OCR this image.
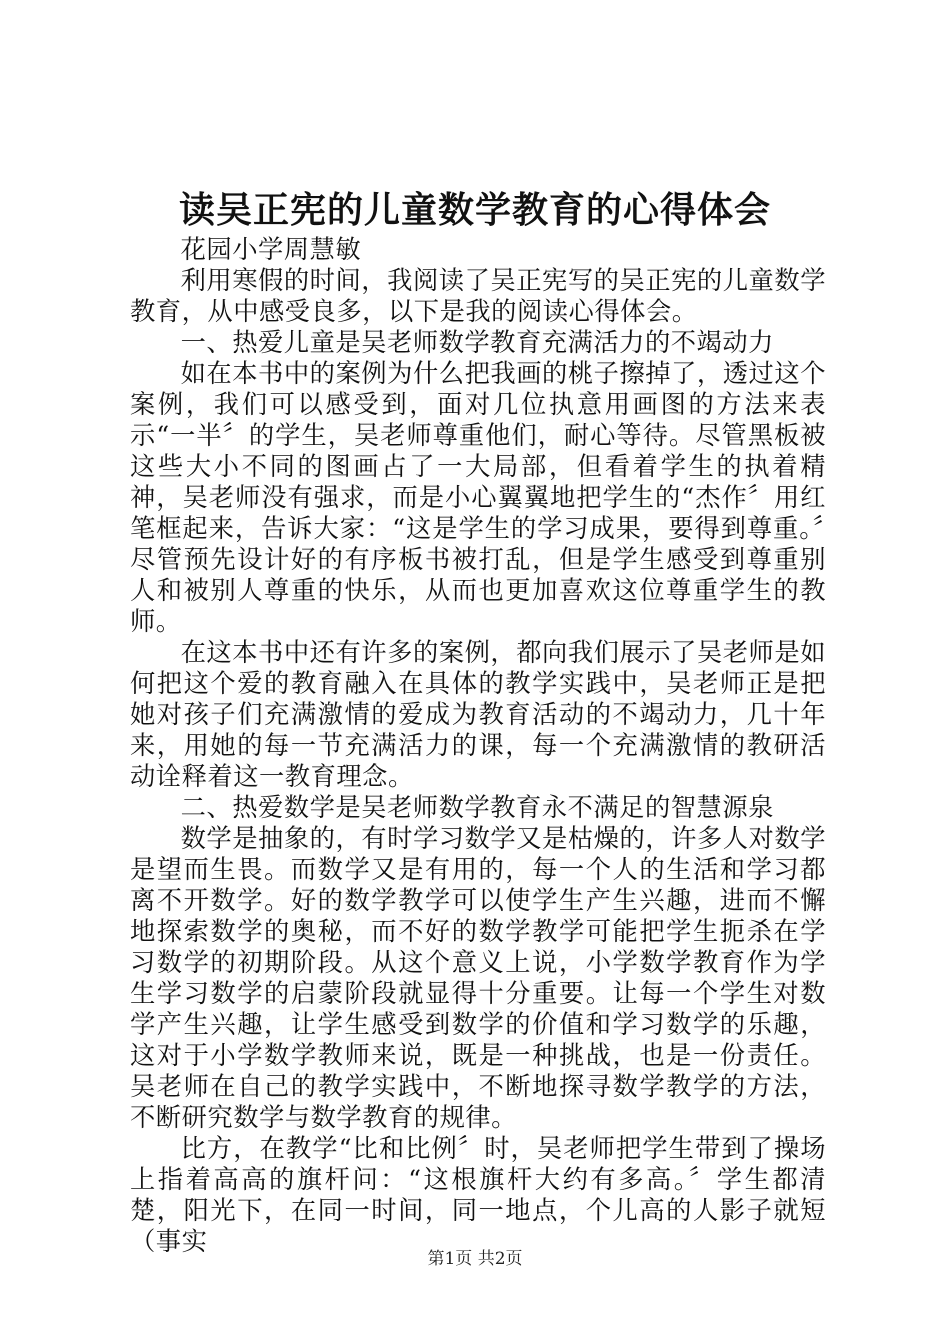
读吴正宪的儿童数学教育的心得体会

花园小学周慧敏

利用寒假的时间，我阅读了吴正宪写的吴正宪的儿童数学教育，从中感受良多，以下是我的阅读心得体会。

一、热爱儿童是吴老师数学教育充满活力的不竭动力

如在本书中的案例为什么把我画的桃子擦掉了，透过这个案例，我们可以感受到，面对几位执意用画图的方法来表示“一半〞的学生，吴老师尊重他们，耐心等待。尽管黑板被这些大小不同的图画占了一大局部，但看着学生的执着精神，吴老师没有强求，而是小心翼翼地把学生的“杰作〞用红笔框起来，告诉大家：“这是学生的学习成果，要得到尊重。〞尽管预先设计好的有序板书被打乱，但是学生感受到尊重别人和被别人尊重的快乐，从而也更加喜欢这位尊重学生的教师。

在这本书中还有许多的案例，都向我们展示了吴老师是如何把这个爱的教育融入在具体的教学实践中，吴老师正是把她对孩子们充满激情的爱成为教育活动的不竭动力，几十年来，用她的每一节充满活力的课，每一个充满激情的教研活动诠释着这一教育理念。

二、热爱数学是吴老师数学教育永不满足的智慧源泉

数学是抽象的，有时学习数学又是枯燥的，许多人对数学是望而生畏。而数学又是有用的，每一个人的生活和学习都离不开数学。好的数学教学可以使学生产生兴趣，进而不懈地探索数学的奥秘，而不好的数学教学可能把学生扼杀在学习数学的初期阶段。从这个意义上说，小学数学教育作为学生学习数学的启蒙阶段就显得十分重要。让每一个学生对数学产生兴趣，让学生感受到数学的价值和学习数学的乐趣，这对于小学数学教师来说，既是一种挑战，也是一份责任。吴老师在自己的教学实践中，不断地探寻数学教学的方法，不断研究数学与数学教育的规律。

比方，在教学“比和比例〞时，吴老师把学生带到了操场上指着高高的旗杆问：“这根旗杆大约有多高。〞学生都清楚，阳光下，在同一时间，同一地点，个儿高的人影子就短（事实

第1页 共2页
